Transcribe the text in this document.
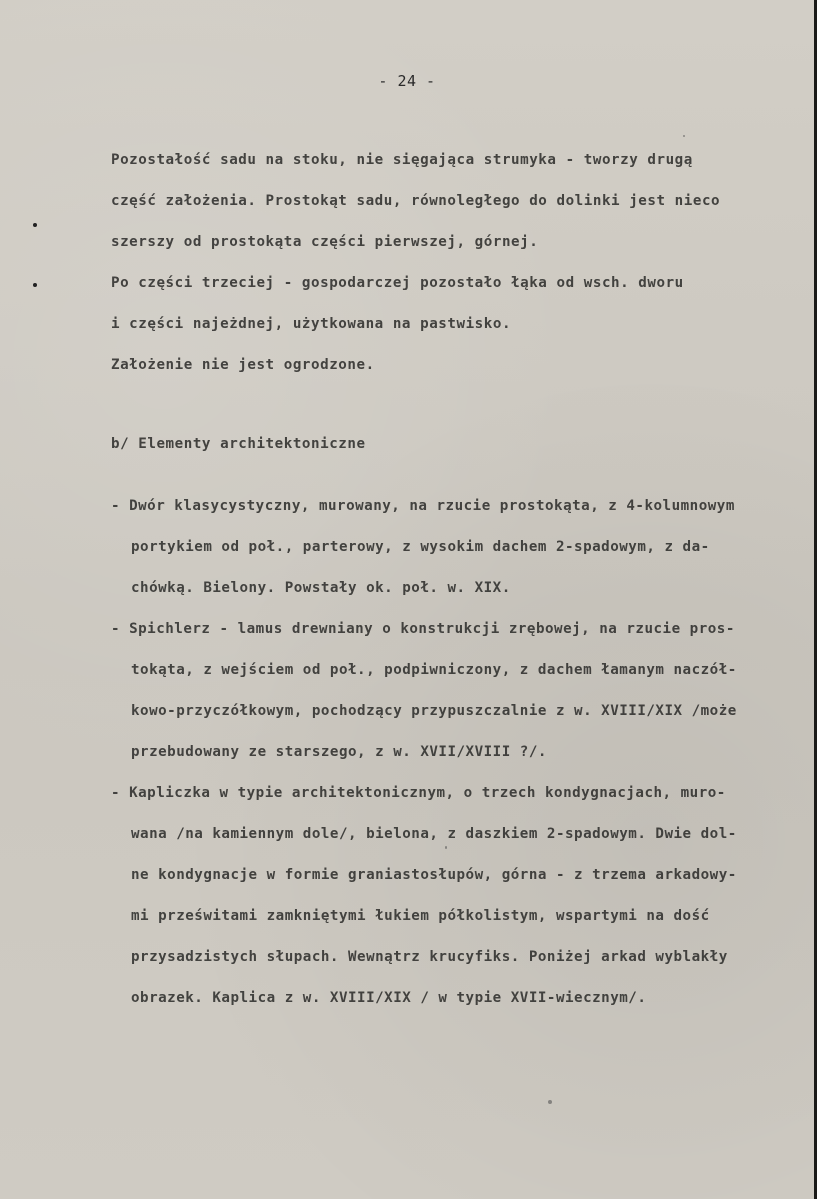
- 24 -
Pozostałość sadu na stoku, nie sięgająca strumyka - tworzy drugą
część założenia. Prostokąt sadu, równoległego do dolinki jest nieco
szerszy od prostokąta części pierwszej, górnej.
Po części trzeciej - gospodarczej pozostało łąka od wsch. dworu
i części najeżdnej, użytkowana na pastwisko.
Założenie nie jest ogrodzone.
b/ Elementy architektoniczne
- Dwór klasycystyczny, murowany, na rzucie prostokąta, z 4-kolumnowym
portykiem od poł., parterowy, z wysokim dachem 2-spadowym, z da-
chówką. Bielony. Powstały ok. poł. w. XIX.
- Spichlerz - lamus drewniany o konstrukcji zrębowej, na rzucie pros-
tokąta, z wejściem od poł., podpiwniczony, z dachem łamanym naczół-
kowo-przyczółkowym, pochodzący przypuszczalnie z w. XVIII/XIX /może
przebudowany ze starszego, z w. XVII/XVIII ?/.
- Kapliczka w typie architektonicznym, o trzech kondygnacjach, muro-
wana /na kamiennym dole/, bielona, z daszkiem 2-spadowym. Dwie dol-
ne kondygnacje w formie graniastosłupów, górna - z trzema arkadowy-
mi prześwitami zamkniętymi łukiem półkolistym, wspartymi na dość
przysadzistych słupach. Wewnątrz krucyfiks. Poniżej arkad wyblakły
obrazek. Kaplica z w. XVIII/XIX / w typie XVII-wiecznym/.
